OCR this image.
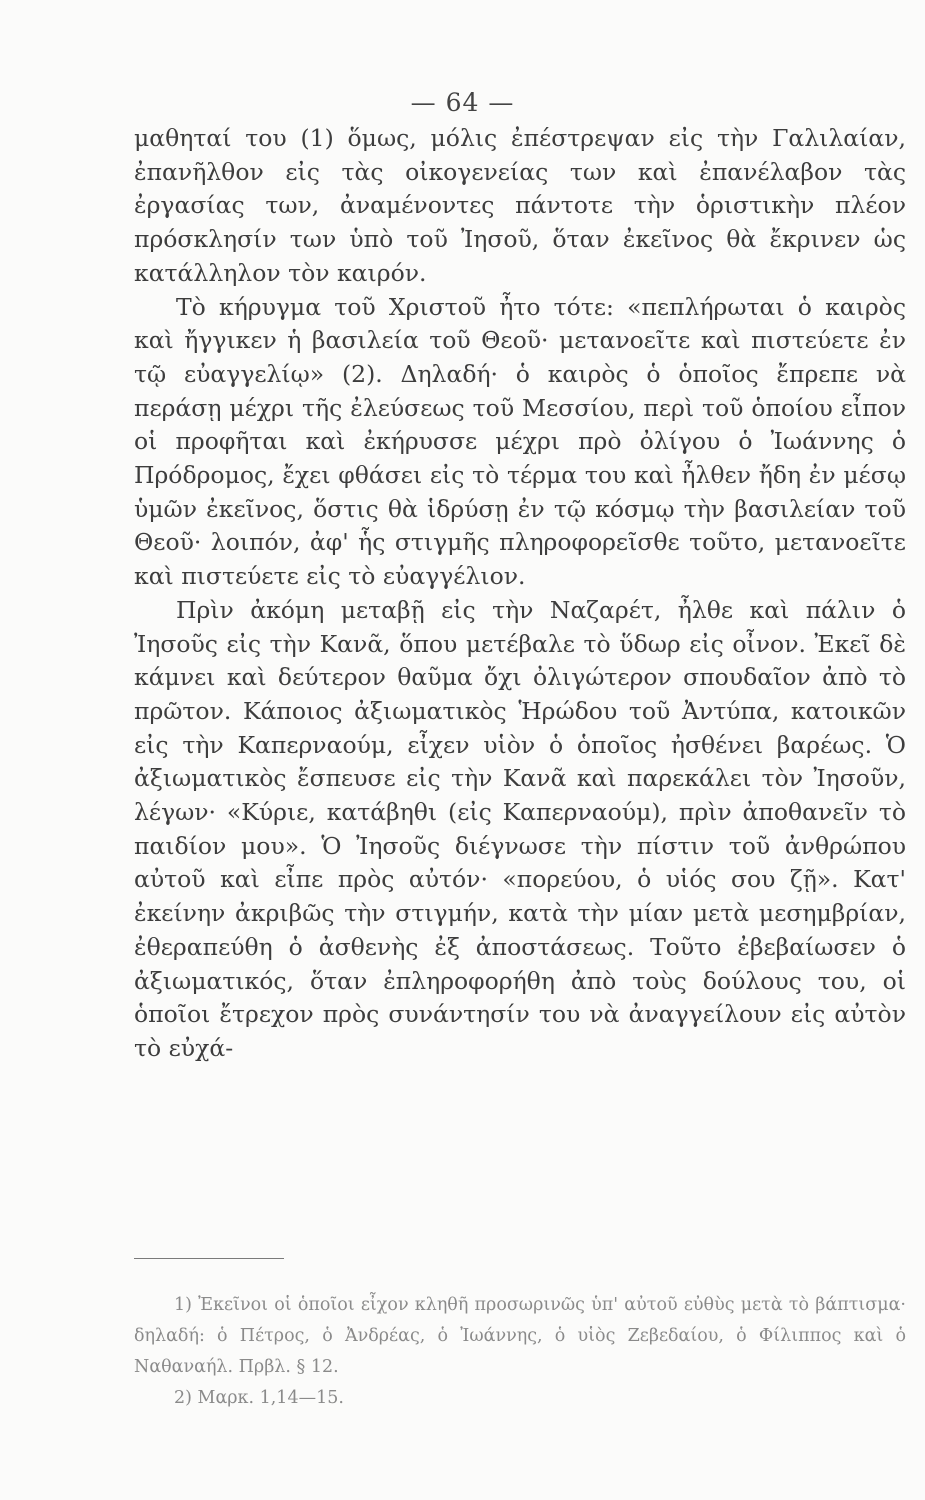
— 64 —

μαθηταί του (1) ὅμως, μόλις ἐπέστρεψαν εἰς τὴν Γαλιλαίαν, ἐπανῆλθον εἰς τὰς οἰκογενείας των καὶ ἐπανέλαβον τὰς ἐργασίας των, ἀναμένοντες πάντοτε τὴν ὁριστικὴν πλέον πρόσκλησίν των ὑπὸ τοῦ Ἰησοῦ, ὅταν ἐκεῖνος θὰ ἔκρινεν ὡς κατάλληλον τὸν καιρόν.

Τὸ κήρυγμα τοῦ Χριστοῦ ἦτο τότε: «πεπλήρωται ὁ καιρὸς καὶ ἤγγικεν ἡ βασιλεία τοῦ Θεοῦ· μετανοεῖτε καὶ πιστεύετε ἐν τῷ εὐαγγελίῳ» (2). Δηλαδή· ὁ καιρὸς ὁ ὁποῖος ἔπρεπε νὰ περάσῃ μέχρι τῆς ἐλεύσεως τοῦ Μεσσίου, περὶ τοῦ ὁποίου εἶπον οἱ προφῆται καὶ ἐκήρυσσε μέχρι πρὸ ὀλίγου ὁ Ἰωάννης ὁ Πρόδρομος, ἔχει φθάσει εἰς τὸ τέρμα του καὶ ἦλθεν ἤδη ἐν μέσῳ ὑμῶν ἐκεῖνος, ὅστις θὰ ἱδρύσῃ ἐν τῷ κόσμῳ τὴν βασιλείαν τοῦ Θεοῦ· λοιπόν, ἀφ' ἧς στιγμῆς πληροφορεῖσθε τοῦτο, μετανοεῖτε καὶ πιστεύετε εἰς τὸ εὐαγγέλιον.

Πρὶν ἀκόμη μεταβῇ εἰς τὴν Ναζαρέτ, ἦλθε καὶ πάλιν ὁ Ἰησοῦς εἰς τὴν Κανᾶ, ὅπου μετέβαλε τὸ ὕδωρ εἰς οἶνον. Ἐκεῖ δὲ κάμνει καὶ δεύτερον θαῦμα ὄχι ὀλιγώτερον σπουδαῖον ἀπὸ τὸ πρῶτον. Κάποιος ἀξιωματικὸς Ἡρώδου τοῦ Ἀντύπα, κατοικῶν εἰς τὴν Καπερναούμ, εἶχεν υἱὸν ὁ ὁποῖος ἠσθένει βαρέως. Ὁ ἀξιωματικὸς ἔσπευσε εἰς τὴν Κανᾶ καὶ παρεκάλει τὸν Ἰησοῦν, λέγων· «Κύριε, κατάβηθι (εἰς Καπερναούμ), πρὶν ἀποθανεῖν τὸ παιδίον μου». Ὁ Ἰησοῦς διέγνωσε τὴν πίστιν τοῦ ἀνθρώπου αὐτοῦ καὶ εἶπε πρὸς αὐτόν· «πορεύου, ὁ υἱός σου ζῇ». Κατ' ἐκείνην ἀκριβῶς τὴν στιγμήν, κατὰ τὴν μίαν μετὰ μεσημβρίαν, ἐθεραπεύθη ὁ ἀσθενὴς ἐξ ἀποστάσεως. Τοῦτο ἐβεβαίωσεν ὁ ἀξιωματικός, ὅταν ἐπληροφορήθη ἀπὸ τοὺς δούλους του, οἱ ὁποῖοι ἔτρεχον πρὸς συνάντησίν του νὰ ἀναγγείλουν εἰς αὐτὸν τὸ εὐχά-

1) Ἐκεῖνοι οἱ ὁποῖοι εἶχον κληθῆ προσωρινῶς ὑπ' αὐτοῦ εὐθὺς μετὰ τὸ βάπτισμα· δηλαδή: ὁ Πέτρος, ὁ Ἀνδρέας, ὁ Ἰωάννης, ὁ υἱὸς Ζεβεδαίου, ὁ Φίλιππος καὶ ὁ Ναθαναήλ. Πρβλ. § 12.

2) Μαρκ. 1,14—15.
